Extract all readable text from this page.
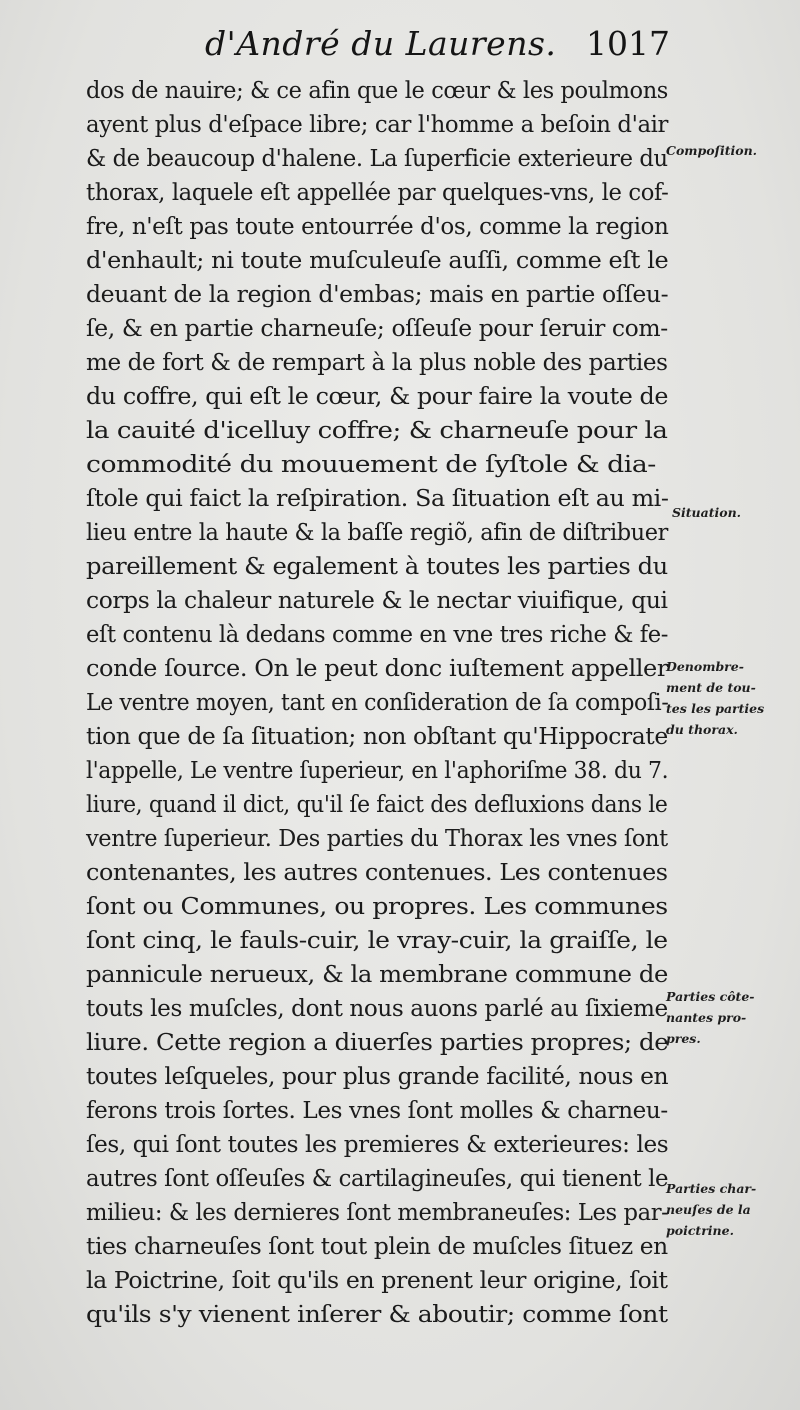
d'André du Laurens. 1017
dos de nauire; & ce afin que le cœur & les poulmons
ayent plus d'eſpace libre; car l'homme a beſoin d'air
& de beaucoup d'halene. La ſuperficie exterieure du
thorax, laquele eſt appellée par quelques-vns, le cof-
fre, n'eſt pas toute entourrée d'os, comme la region
d'enhault; ni toute muſculeuſe auſſi, comme eſt le
deuant de la region d'embas; mais en partie oſſeu-
ſe, & en partie charneuſe; oſſeuſe pour ſeruir com-
me de fort & de rempart à la plus noble des parties
du coffre, qui eſt le cœur, & pour faire la voute de
la cauité d'icelluy coffre; & charneuſe pour la
commodité du mouuement de ſyſtole & dia-
ſtole qui faict la reſpiration. Sa ſituation eſt au mi-
lieu entre la haute & la baſſe regiõ, afin de diſtribuer
pareillement & egalement à toutes les parties du
corps la chaleur naturele & le nectar viuifique, qui
eſt contenu là dedans comme en vne tres riche & fe-
conde ſource. On le peut donc iuſtement appeller
Le ventre moyen, tant en conſideration de ſa compoſi-
tion que de ſa ſituation; non obſtant qu'Hippocrate
l'appelle, Le ventre ſuperieur, en l'aphoriſme 38. du 7.
liure, quand il dict, qu'il ſe faict des defluxions dans le
ventre ſuperieur. Des parties du Thorax les vnes ſont
contenantes, les autres contenues. Les contenues
ſont ou Communes, ou propres. Les communes
ſont cinq, le fauls-cuir, le vray-cuir, la graiſſe, le
pannicule nerueux, & la membrane commune de
touts les muſcles, dont nous auons parlé au ſixieme
liure. Cette region a diuerſes parties propres; de
toutes leſqueles, pour plus grande facilité, nous en
ferons trois ſortes. Les vnes ſont molles & charneu-
ſes, qui ſont toutes les premieres & exterieures: les
autres ſont oſſeuſes & cartilagineuſes, qui tienent le
milieu: & les dernieres ſont membraneuſes: Les par-
ties charneuſes ſont tout plein de muſcles ſituez en
la Poictrine, ſoit qu'ils en prenent leur origine, ſoit
qu'ils s'y vienent inſerer & aboutir; comme ſont
Compoſition.
Situation.
Denombre-
ment de tou-
tes les parties
du thorax.
Parties côte-
nantes pro-
pres.
Parties char-
neuſes de la
poictrine.
